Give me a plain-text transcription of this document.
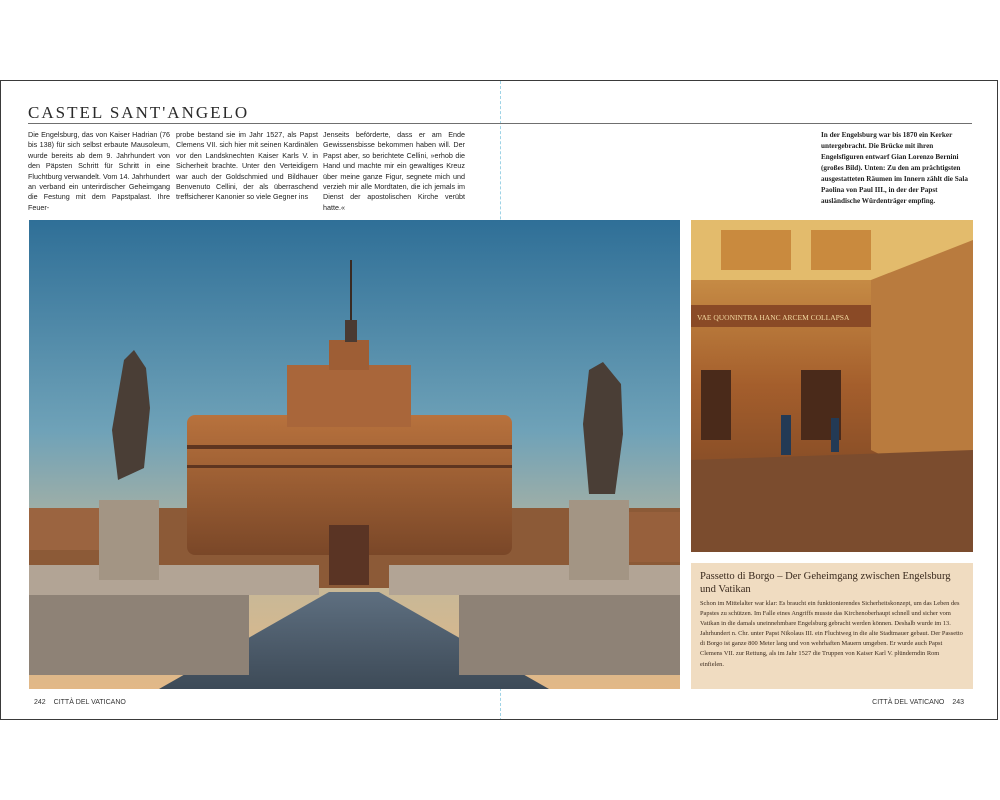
CASTEL SANT'ANGELO
Die Engelsburg, das von Kaiser Hadrian (76 bis 138) für sich selbst erbaute Mausoleum, wurde bereits ab dem 9. Jahrhundert von den Päpsten Schritt für Schritt in eine Fluchtburg verwandelt. Vom 14. Jahrhundert an verband ein unterirdischer Geheimgang die Festung mit dem Papstpalast. Ihre Feuer-
probe bestand sie im Jahr 1527, als Papst Clemens VII. sich hier mit seinen Kardinälen vor den Landsknechten Kaiser Karls V. in Sicherheit brachte. Unter den Verteidigern war auch der Goldschmied und Bildhauer Benvenuto Cellini, der als überraschend treffsicherer Kanonier so viele Gegner ins
Jenseits beförderte, dass er am Ende Gewissensbisse bekommen haben will. Der Papst aber, so berichtete Cellini, »erhob die Hand und machte mir ein gewaltiges Kreuz über meine ganze Figur, segnete mich und verzieh mir alle Mordtaten, die ich jemals im Dienst der apostolischen Kirche verübt hatte.«
In der Engelsburg war bis 1870 ein Kerker untergebracht. Die Brücke mit ihren Engelsfiguren entwarf Gian Lorenzo Bernini (großes Bild). Unten: Zu den am prächtigsten ausgestatteten Räumen im Innern zählt die Sala Paolina von Paul III., in der der Papst ausländische Würdenträger empfing.
VAE QUONINTRA HANC ARCEM COLLAPSA
Passetto di Borgo – Der Geheimgang zwischen Engelsburg und Vatikan
Schon im Mittelalter war klar: Es braucht ein funktionierendes Sicherheitskonzept, um das Leben des Papstes zu schützen. Im Falle eines Angriffs musste das Kirchenoberhaupt schnell und sicher vom Vatikan in die damals uneinnehmbare Engelsburg gebracht werden können. Deshalb wurde im 13. Jahrhundert n. Chr. unter Papst Nikolaus III. ein Fluchtweg in die alte Stadtmauer gebaut. Der Passetto di Borgo ist ganze 800 Meter lang und von wehrhaften Mauern umgeben. Er wurde auch Papst Clemens VII. zur Rettung, als im Jahr 1527 die Truppen von Kaiser Karl V. plünderndin Rom einfielen.
242 CITTÀ DEL VATICANO	CITTÀ DEL VATICANO 243
